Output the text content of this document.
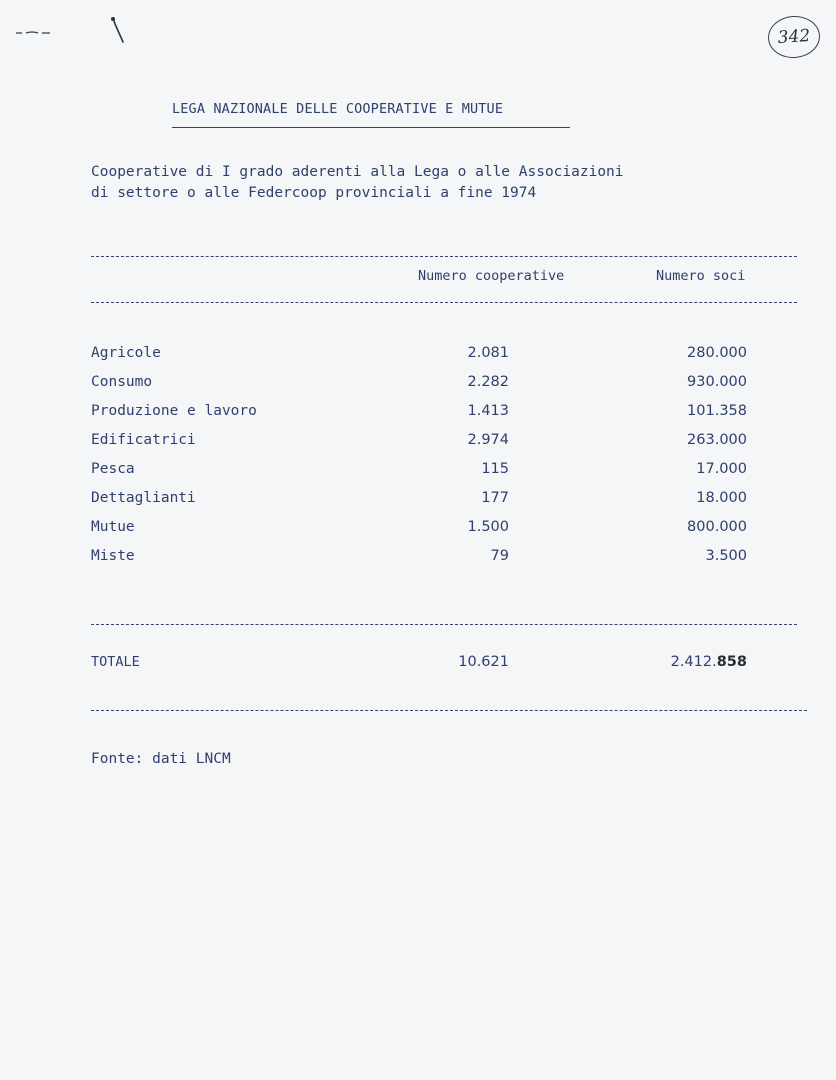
342
LEGA NAZIONALE DELLE COOPERATIVE E MUTUE
Cooperative di I grado aderenti alla Lega o alle Associazioni
di settore o alle Federcoop provinciali a fine 1974
Numero cooperative	Numero soci
Agricole	2.081	280.000
Consumo	2.282	930.000
Produzione e lavoro	1.413	101.358
Edificatrici	2.974	263.000
Pesca	115	17.000
Dettaglianti	177	18.000
Mutue	1.500	800.000
Miste	79	3.500
TOTALE	10.621	2.412.858
Fonte: dati LNCM
